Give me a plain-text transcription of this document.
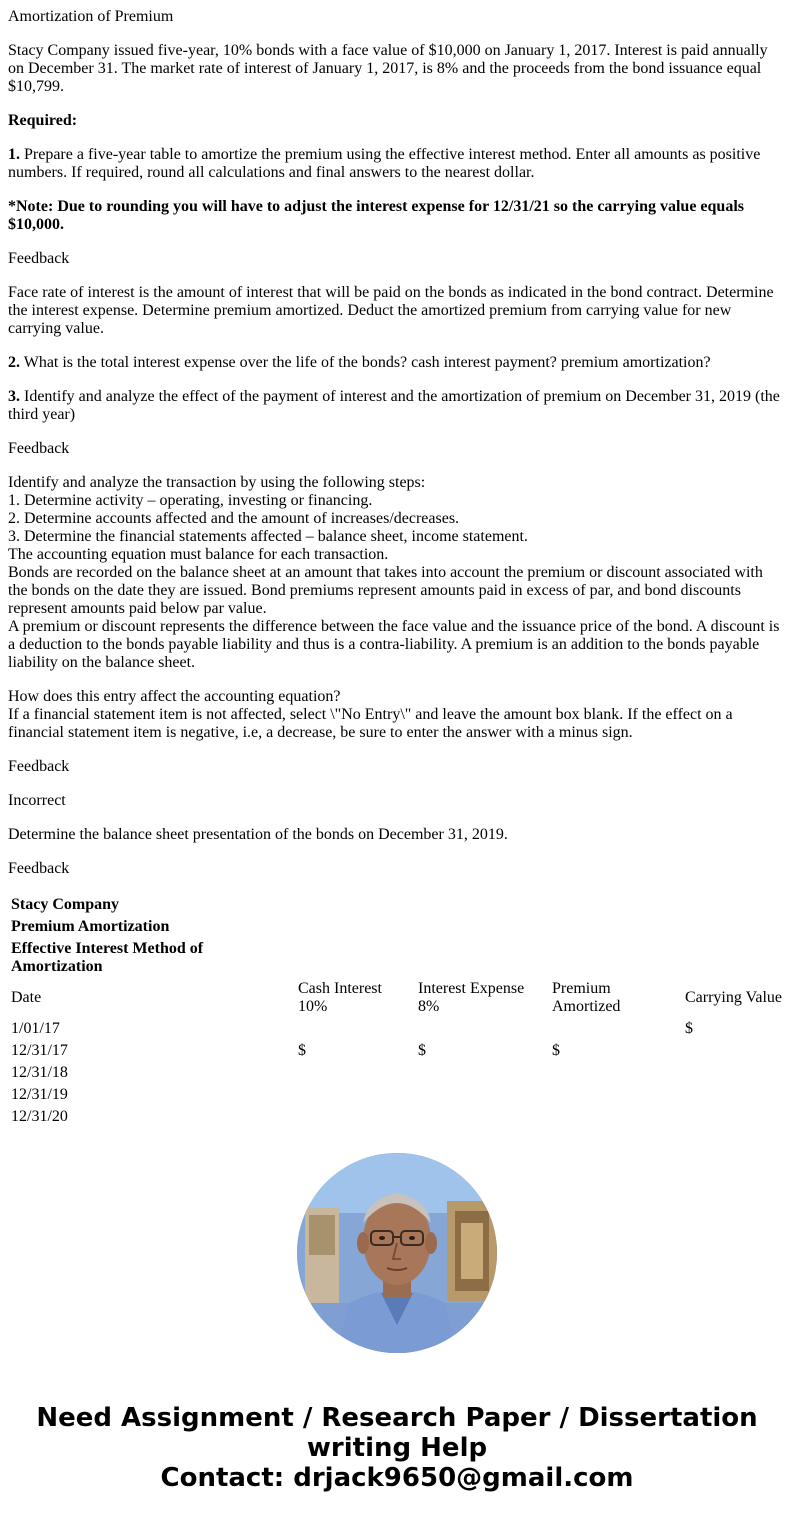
Amortization of Premium

Stacy Company issued five-year, 10% bonds with a face value of $10,000 on January 1, 2017. Interest is paid annually on December 31. The market rate of interest of January 1, 2017, is 8% and the proceeds from the bond issuance equal $10,799.

Required:

1. Prepare a five-year table to amortize the premium using the effective interest method. Enter all amounts as positive numbers. If required, round all calculations and final answers to the nearest dollar.

*Note: Due to rounding you will have to adjust the interest expense for 12/31/21 so the carrying value equals $10,000.

Feedback

Face rate of interest is the amount of interest that will be paid on the bonds as indicated in the bond contract. Determine the interest expense. Determine premium amortized. Deduct the amortized premium from carrying value for new carrying value.

2. What is the total interest expense over the life of the bonds? cash interest payment? premium amortization?

3. Identify and analyze the effect of the payment of interest and the amortization of premium on December 31, 2019 (the third year)

Feedback

Identify and analyze the transaction by using the following steps:

1. Determine activity – operating, investing or financing.

2. Determine accounts affected and the amount of increases/decreases.

3. Determine the financial statements affected – balance sheet, income statement.

The accounting equation must balance for each transaction.

Bonds are recorded on the balance sheet at an amount that takes into account the premium or discount associated with the bonds on the date they are issued. Bond premiums represent amounts paid in excess of par, and bond discounts represent amounts paid below par value.

A premium or discount represents the difference between the face value and the issuance price of the bond. A discount is a deduction to the bonds payable liability and thus is a contra-liability. A premium is an addition to the bonds payable liability on the balance sheet.

How does this entry affect the accounting equation?

If a financial statement item is not affected, select \"No Entry\" and leave the amount box blank. If the effect on a financial statement item is negative, i.e, a decrease, be sure to enter the answer with a minus sign.

Feedback

Incorrect

Determine the balance sheet presentation of the bonds on December 31, 2019.

Feedback

Stacy Company				
Premium Amortization				
Effective Interest Method of Amortization				
Date	Cash Interest 10%	Interest Expense 8%	Premium Amortized	Carrying Value
1/01/17				$
12/31/17	$	$	$	
12/31/18				
12/31/19				
12/31/20				
Need Assignment / Research Paper / Dissertation
writing Help
Contact: drjack9650@gmail.com
